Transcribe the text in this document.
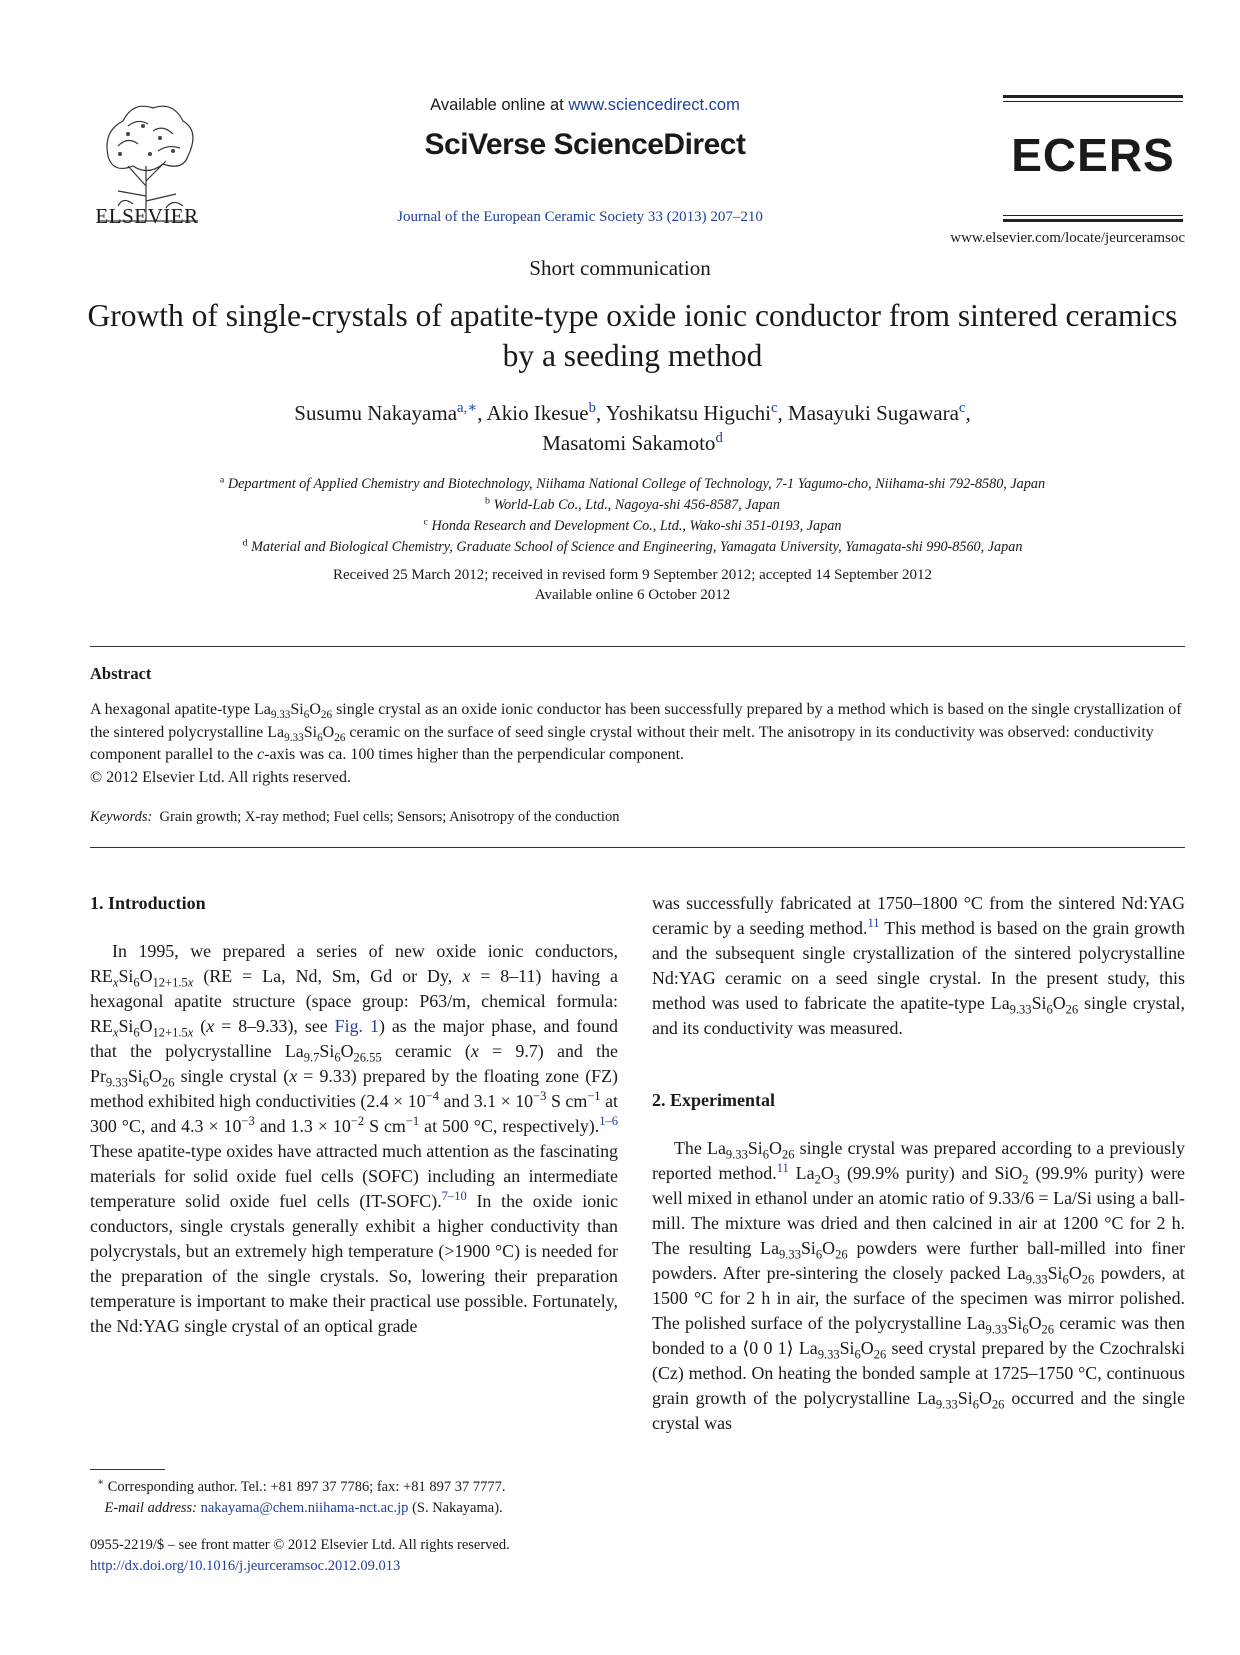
ELSEVIER
Available online at www.sciencedirect.com
SciVerse ScienceDirect
Journal of the European Ceramic Society 33 (2013) 207–210
ECERS
www.elsevier.com/locate/jeurceramsoc
Short communication
Growth of single-crystals of apatite-type oxide ionic conductor from sintered ceramics by a seeding method
Susumu Nakayama$^{a,∗}$, Akio Ikesue$^b$, Yoshikatsu Higuchi$^c$, Masayuki Sugawara$^c$,
Masatomi Sakamoto$^d$
$^a$ Department of Applied Chemistry and Biotechnology, Niihama National College of Technology, 7-1 Yagumo-cho, Niihama-shi 792-8580, Japan
$^b$ World-Lab Co., Ltd., Nagoya-shi 456-8587, Japan
$^c$ Honda Research and Development Co., Ltd., Wako-shi 351-0193, Japan
$^d$ Material and Biological Chemistry, Graduate School of Science and Engineering, Yamagata University, Yamagata-shi 990-8560, Japan
Received 25 March 2012; received in revised form 9 September 2012; accepted 14 September 2012
Available online 6 October 2012
Abstract
A hexagonal apatite-type $La_{9.33}Si_6O_{26}$ single crystal as an oxide ionic conductor has been successfully prepared by a method which is based on the single crystallization of the sintered polycrystalline $La_{9.33}Si_6O_{26}$ ceramic on the surface of seed single crystal without their melt. The anisotropy in its conductivity was observed: conductivity component parallel to the c-axis was ca. 100 times higher than the perpendicular component.
© 2012 Elsevier Ltd. All rights reserved.
Keywords: Grain growth; X-ray method; Fuel cells; Sensors; Anisotropy of the conduction

1. Introduction

In 1995, we prepared a series of new oxide ionic conductors, $RE_xSi_6O_{12+1.5x}$ (RE = La, Nd, Sm, Gd or Dy, x = 8–11) having a hexagonal apatite structure (space group: P63/m, chemical formula: $RE_xSi_6O_{12+1.5x}$ (x = 8–9.33), see Fig. 1) as the major phase, and found that the polycrystalline $La_{9.7}Si_6O_{26.55}$ ceramic (x = 9.7) and the $Pr_{9.33}Si_6O_{26}$ single crystal (x = 9.33) prepared by the floating zone (FZ) method exhibited high conductivities ($2.4 \times 10^{-4}$ and $3.1 \times 10^{-3}$ S $cm^{-1}$ at 300 °C, and $4.3 \times 10^{-3}$ and $1.3 \times 10^{-2}$ S $cm^{-1}$ at 500 °C, respectively).$^{1-6}$ These apatite-type oxides have attracted much attention as the fascinating materials for solid oxide fuel cells (SOFC) including an intermediate temperature solid oxide fuel cells (IT-SOFC).$^{7-10}$ In the oxide ionic conductors, single crystals generally exhibit a higher conductivity than polycrystals, but an extremely high temperature (>1900 °C) is needed for the preparation of the single crystals. So, lowering their preparation temperature is important to make their practical use possible. Fortunately, the Nd:YAG single crystal of an optical grade

was successfully fabricated at 1750–1800 °C from the sintered Nd:YAG ceramic by a seeding method.$^{11}$ This method is based on the grain growth and the subsequent single crystallization of the sintered polycrystalline Nd:YAG ceramic on a seed single crystal. In the present study, this method was used to fabricate the apatite-type $La_{9.33}Si_6O_{26}$ single crystal, and its conductivity was measured.

2. Experimental

The $La_{9.33}Si_6O_{26}$ single crystal was prepared according to a previously reported method.$^{11}$ $La_2O_3$ (99.9% purity) and SiO$_2$ (99.9% purity) were well mixed in ethanol under an atomic ratio of 9.33/6 = La/Si using a ball-mill. The mixture was dried and then calcined in air at 1200 °C for 2 h. The resulting $La_{9.33}Si_6O_{26}$ powders were further ball-milled into finer powders. After pre-sintering the closely packed $La_{9.33}Si_6O_{26}$ powders, at 1500 °C for 2 h in air, the surface of the specimen was mirror polished. The polished surface of the polycrystalline $La_{9.33}Si_6O_{26}$ ceramic was then bonded to a ⟨0 0 1⟩ $La_{9.33}Si_6O_{26}$ seed crystal prepared by the Czochralski (Cz) method. On heating the bonded sample at 1725–1750 °C, continuous grain growth of the polycrystalline $La_{9.33}Si_6O_{26}$ occurred and the single crystal was

∗ Corresponding author. Tel.: +81 897 37 7786; fax: +81 897 37 7777.
E-mail address: nakayama@chem.niihama-nct.ac.jp (S. Nakayama).
0955-2219/$ – see front matter © 2012 Elsevier Ltd. All rights reserved.
http://dx.doi.org/10.1016/j.jeurceramsoc.2012.09.013
